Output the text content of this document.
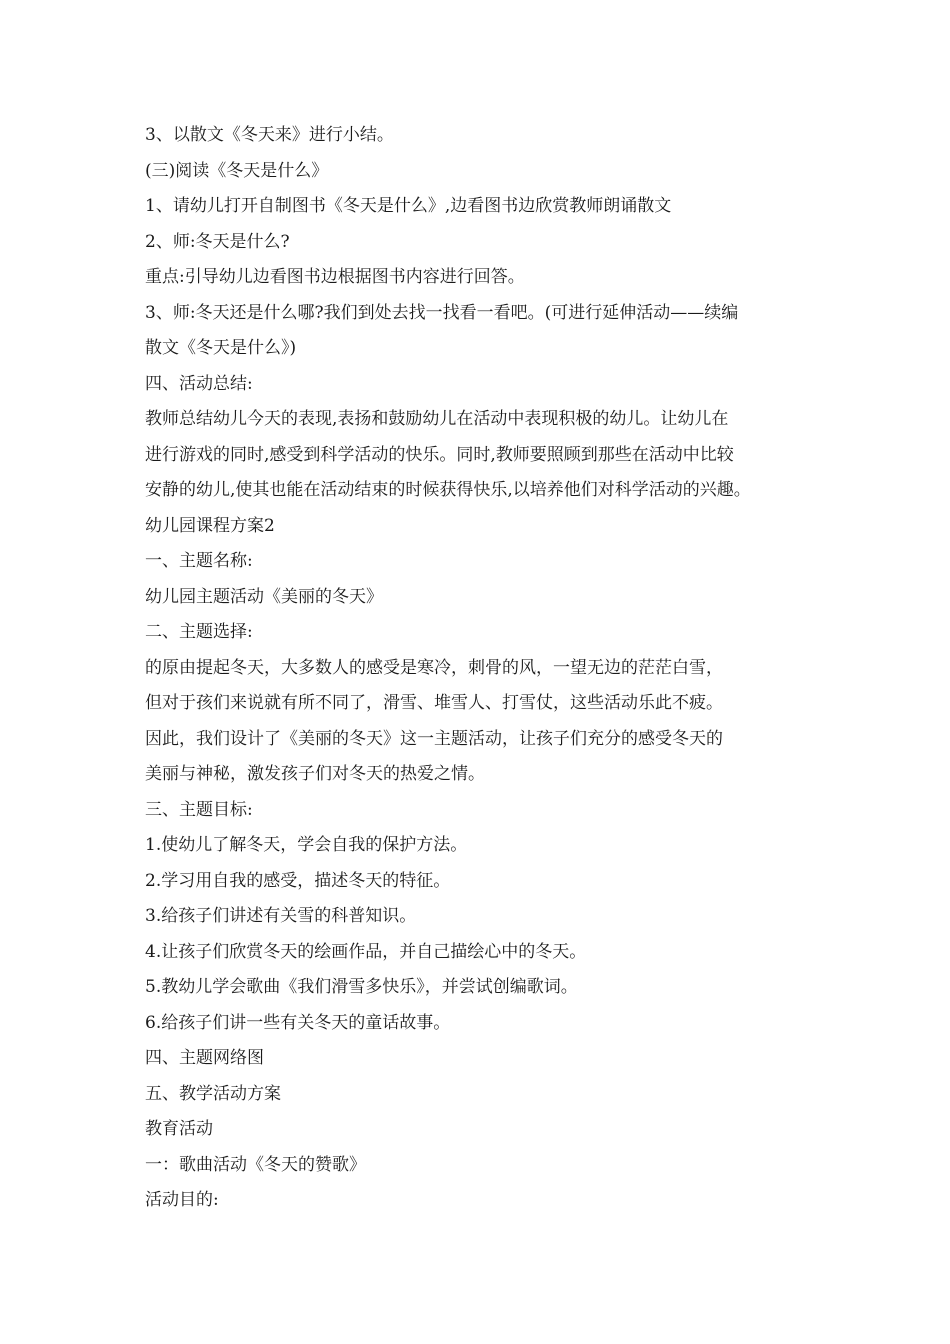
3、以散文《冬天来》进行小结。

(三)阅读《冬天是什么》

1、请幼儿打开自制图书《冬天是什么》,边看图书边欣赏教师朗诵散文

2、师:冬天是什么?

重点:引导幼儿边看图书边根据图书内容进行回答。

3、师:冬天还是什么哪?我们到处去找一找看一看吧。(可进行延伸活动——续编

散文《冬天是什么》)

四、活动总结:

教师总结幼儿今天的表现,表扬和鼓励幼儿在活动中表现积极的幼儿。让幼儿在

进行游戏的同时,感受到科学活动的快乐。同时,教师要照顾到那些在活动中比较

安静的幼儿,使其也能在活动结束的时候获得快乐,以培养他们对科学活动的兴趣。

幼儿园课程方案2

一、主题名称:

幼儿园主题活动《美丽的冬天》

二、主题选择:

的原由提起冬天，大多数人的感受是寒冷，刺骨的风，一望无边的茫茫白雪，

但对于孩们来说就有所不同了，滑雪、堆雪人、打雪仗，这些活动乐此不疲。

因此，我们设计了《美丽的冬天》这一主题活动，让孩子们充分的感受冬天的

美丽与神秘，激发孩子们对冬天的热爱之情。

三、主题目标:

1.使幼儿了解冬天，学会自我的保护方法。

2.学习用自我的感受，描述冬天的特征。

3.给孩子们讲述有关雪的科普知识。

4.让孩子们欣赏冬天的绘画作品，并自己描绘心中的冬天。

5.教幼儿学会歌曲《我们滑雪多快乐》，并尝试创编歌词。

6.给孩子们讲一些有关冬天的童话故事。

四、主题网络图

五、教学活动方案

教育活动

一：歌曲活动《冬天的赞歌》

活动目的:
